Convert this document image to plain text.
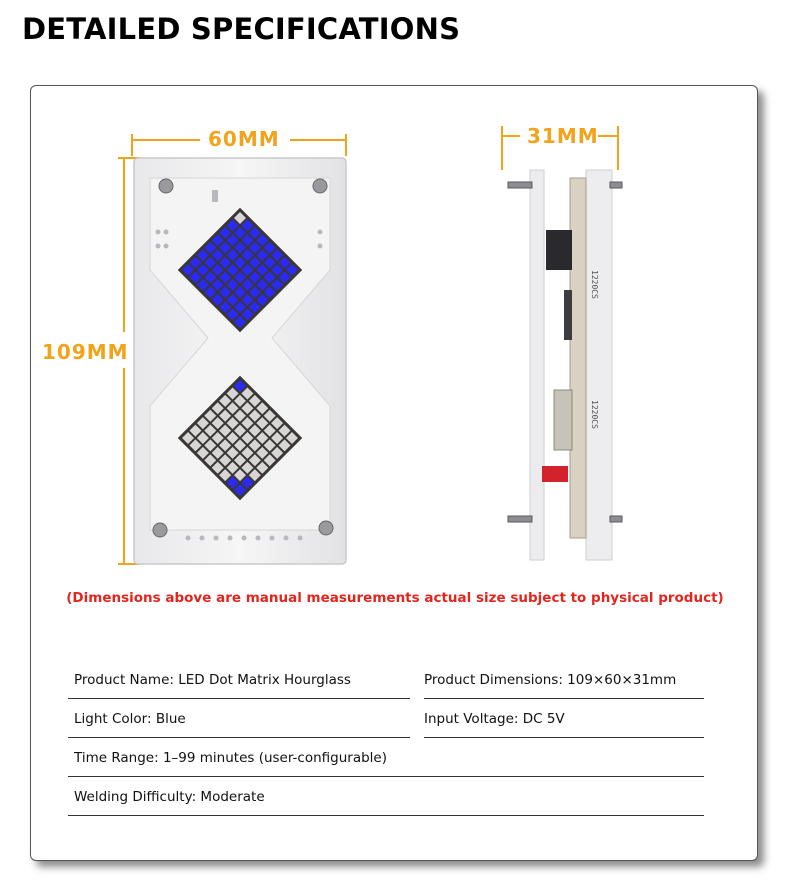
DETAILED SPECIFICATIONS
60MM
109MM
1220CS
1220CS
31MM
(Dimensions above are manual measurements actual size subject to physical product)
Product Name: LED Dot Matrix Hourglass	Product Dimensions: 109×60×31mm
Light Color: Blue	Input Voltage: DC 5V
Time Range: 1–99 minutes (user-configurable)
Welding Difficulty: Moderate
